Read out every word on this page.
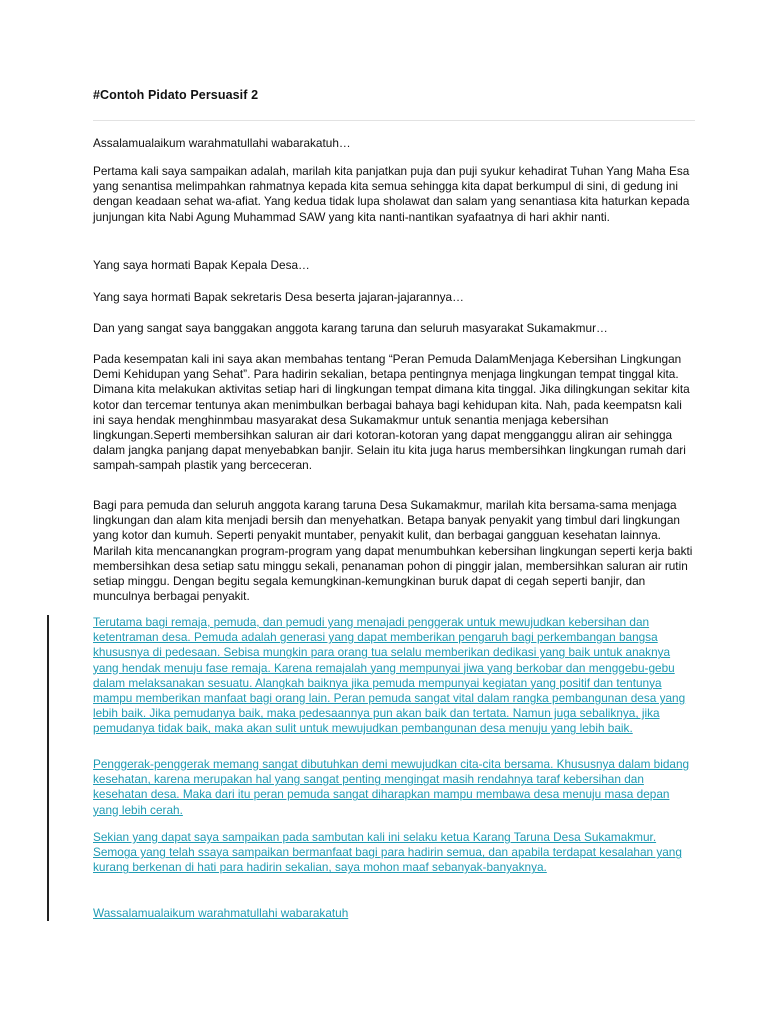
#Contoh Pidato Persuasif 2

Assalamualaikum warahmatullahi wabarakatuh…

Pertama kali saya sampaikan adalah, marilah kita panjatkan puja dan puji syukur kehadirat Tuhan Yang Maha Esa yang senantisa melimpahkan rahmatnya kepada kita semua sehingga kita dapat berkumpul di sini, di gedung ini dengan keadaan sehat wa-afiat. Yang kedua tidak lupa sholawat dan salam yang senantiasa kita haturkan kepada junjungan kita Nabi Agung Muhammad SAW yang kita nanti-nantikan syafaatnya di hari akhir nanti.

Yang saya hormati Bapak Kepala Desa…

Yang saya hormati Bapak sekretaris Desa beserta jajaran-jajarannya…

Dan yang sangat saya banggakan anggota karang taruna dan seluruh masyarakat Sukamakmur…

Pada kesempatan kali ini saya akan membahas tentang “Peran Pemuda DalamMenjaga Kebersihan Lingkungan Demi Kehidupan yang Sehat”. Para hadirin sekalian, betapa pentingnya menjaga lingkungan tempat tinggal kita. Dimana kita melakukan aktivitas setiap hari di lingkungan tempat dimana kita tinggal. Jika dilingkungan sekitar kita kotor dan tercemar tentunya akan menimbulkan berbagai bahaya bagi kehidupan kita. Nah, pada keempatsn kali ini saya hendak menghinmbau masyarakat desa Sukamakmur untuk senantia menjaga kebersihan lingkungan.Seperti membersihkan saluran air dari kotoran-kotoran yang dapat mengganggu aliran air sehingga dalam jangka panjang dapat menyebabkan banjir. Selain itu kita juga harus membersihkan lingkungan rumah dari sampah-sampah plastik yang berceceran.

Bagi para pemuda dan seluruh anggota karang taruna Desa Sukamakmur, marilah kita bersama-sama menjaga lingkungan dan alam kita menjadi bersih dan menyehatkan. Betapa banyak penyakit yang timbul dari lingkungan yang kotor dan kumuh. Seperti penyakit muntaber, penyakit kulit, dan berbagai gangguan kesehatan lainnya. Marilah kita mencanangkan program-program yang dapat menumbuhkan kebersihan lingkungan seperti kerja bakti membersihkan desa setiap satu minggu sekali, penanaman pohon di pinggir jalan, membersihkan saluran air rutin setiap minggu. Dengan begitu segala kemungkinan-kemungkinan buruk dapat di cegah seperti banjir, dan munculnya berbagai penyakit.

Terutama bagi remaja, pemuda, dan pemudi yang menajadi penggerak untuk mewujudkan kebersihan dan ketentraman desa. Pemuda adalah generasi yang dapat memberikan pengaruh bagi perkembangan bangsa khususnya di pedesaan. Sebisa mungkin para orang tua selalu memberikan dedikasi yang baik untuk anaknya yang hendak menuju fase remaja. Karena remajalah yang mempunyai jiwa yang berkobar dan menggebu-gebu dalam melaksanakan sesuatu. Alangkah baiknya jika pemuda mempunyai kegiatan yang positif dan tentunya mampu memberikan manfaat bagi orang lain. Peran pemuda sangat vital dalam rangka pembangunan desa yang lebih baik. Jika pemudanya baik, maka pedesaannya pun akan baik dan tertata. Namun juga sebaliknya, jika pemudanya tidak baik, maka akan sulit untuk mewujudkan pembangunan desa menuju yang lebih baik.

Penggerak-penggerak memang sangat dibutuhkan demi mewujudkan cita-cita bersama. Khususnya dalam bidang kesehatan, karena merupakan hal yang sangat penting mengingat masih rendahnya taraf kebersihan dan kesehatan desa. Maka dari itu peran pemuda sangat diharapkan mampu membawa desa menuju masa depan yang lebih cerah.

Sekian yang dapat saya sampaikan pada sambutan kali ini selaku ketua Karang Taruna Desa Sukamakmur. Semoga yang telah ssaya sampaikan bermanfaat bagi para hadirin semua, dan apabila terdapat kesalahan yang kurang berkenan di hati para hadirin sekalian, saya mohon maaf sebanyak-banyaknya.

Wassalamualaikum warahmatullahi wabarakatuh
